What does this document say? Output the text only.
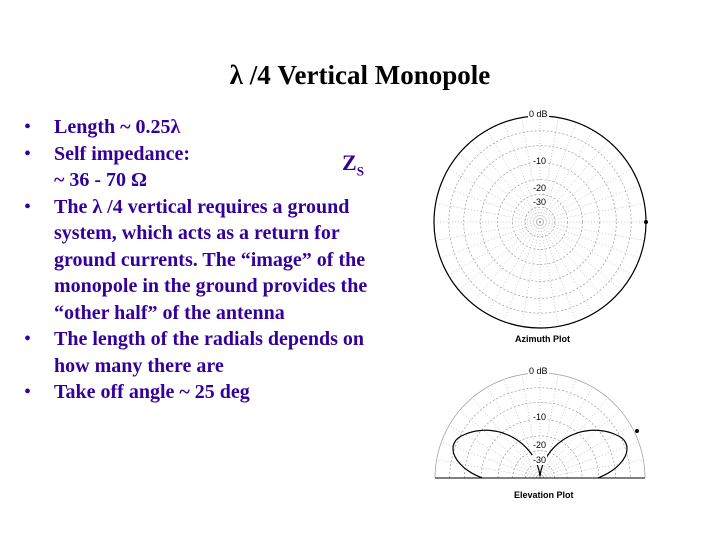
λ /4 Vertical Monopole
• Length ~ 0.25λ
• Self impedance:
~ 36 - 70 Ω
• The λ /4 vertical requires a ground system, which acts as a return for ground currents. The “image” of the monopole in the ground provides the “other half” of the antenna
• The length of the radials depends on how many there are
• Take off angle ~ 25 deg
$Z_S$
0 dB
-10
-20
-30
Azimuth Plot
0 dB
-10
-20
-30
Elevation Plot
